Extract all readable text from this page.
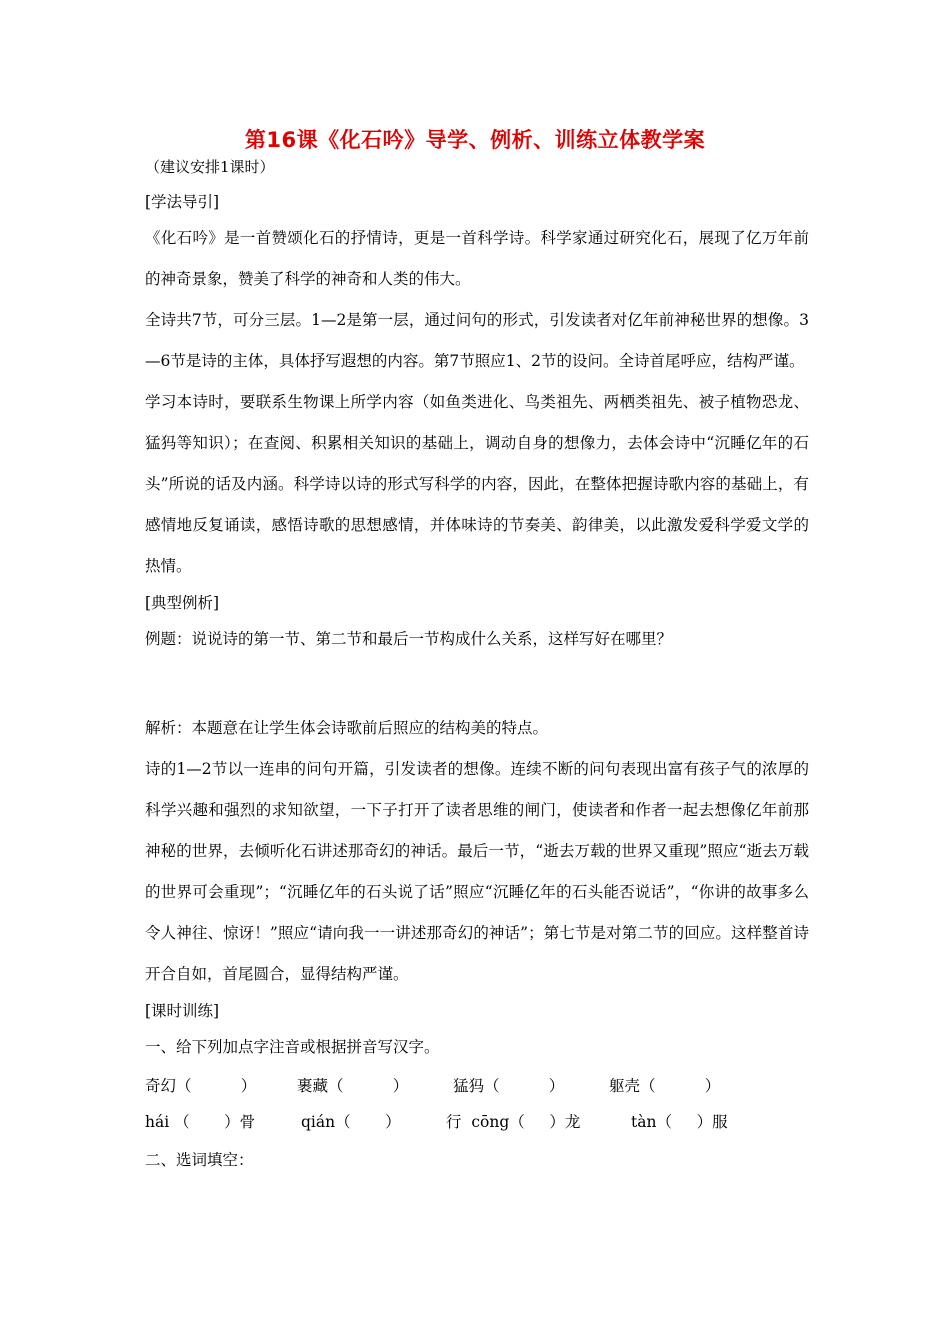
第16课《化石吟》导学、例析、训练立体教学案
（建议安排1课时）

[学法导引]

《化石吟》是一首赞颂化石的抒情诗，更是一首科学诗。科学家通过研究化石，展现了亿万年前的神奇景象，赞美了科学的神奇和人类的伟大。

全诗共7节，可分三层。1—2是第一层，通过问句的形式，引发读者对亿年前神秘世界的想像。3—6节是诗的主体，具体抒写遐想的内容。第7节照应1、2节的设问。全诗首尾呼应，结构严谨。

学习本诗时，要联系生物课上所学内容（如鱼类进化、鸟类祖先、两栖类祖先、被子植物恐龙、猛犸等知识）；在查阅、积累相关知识的基础上，调动自身的想像力，去体会诗中“沉睡亿年的石头”所说的话及内涵。科学诗以诗的形式写科学的内容，因此，在整体把握诗歌内容的基础上，有感情地反复诵读，感悟诗歌的思想感情，并体味诗的节奏美、韵律美，以此激发爱科学爱文学的热情。

[典型例析]

例题：说说诗的第一节、第二节和最后一节构成什么关系，这样写好在哪里？

解析：本题意在让学生体会诗歌前后照应的结构美的特点。

诗的1—2节以一连串的问句开篇，引发读者的想像。连续不断的问句表现出富有孩子气的浓厚的科学兴趣和强烈的求知欲望，一下子打开了读者思维的闸门，使读者和作者一起去想像亿年前那神秘的世界，去倾听化石讲述那奇幻的神话。最后一节，“逝去万载的世界又重现”照应“逝去万载的世界可会重现”；“沉睡亿年的石头说了话”照应“沉睡亿年的石头能否说话”，“你讲的故事多么令人神往、惊讶！”照应“请向我一一讲述那奇幻的神话”；第七节是对第二节的回应。这样整首诗开合自如，首尾圆合，显得结构严谨。

[课时训练]

一、给下列加点字注音或根据拼音写汉字。

奇幻（          ）	裹藏（          ）	猛犸（          ）	躯壳（          ）
hái （       ）骨	qián（       ）	行  cōng（     ）龙	tàn（     ）服

二、选词填空：
